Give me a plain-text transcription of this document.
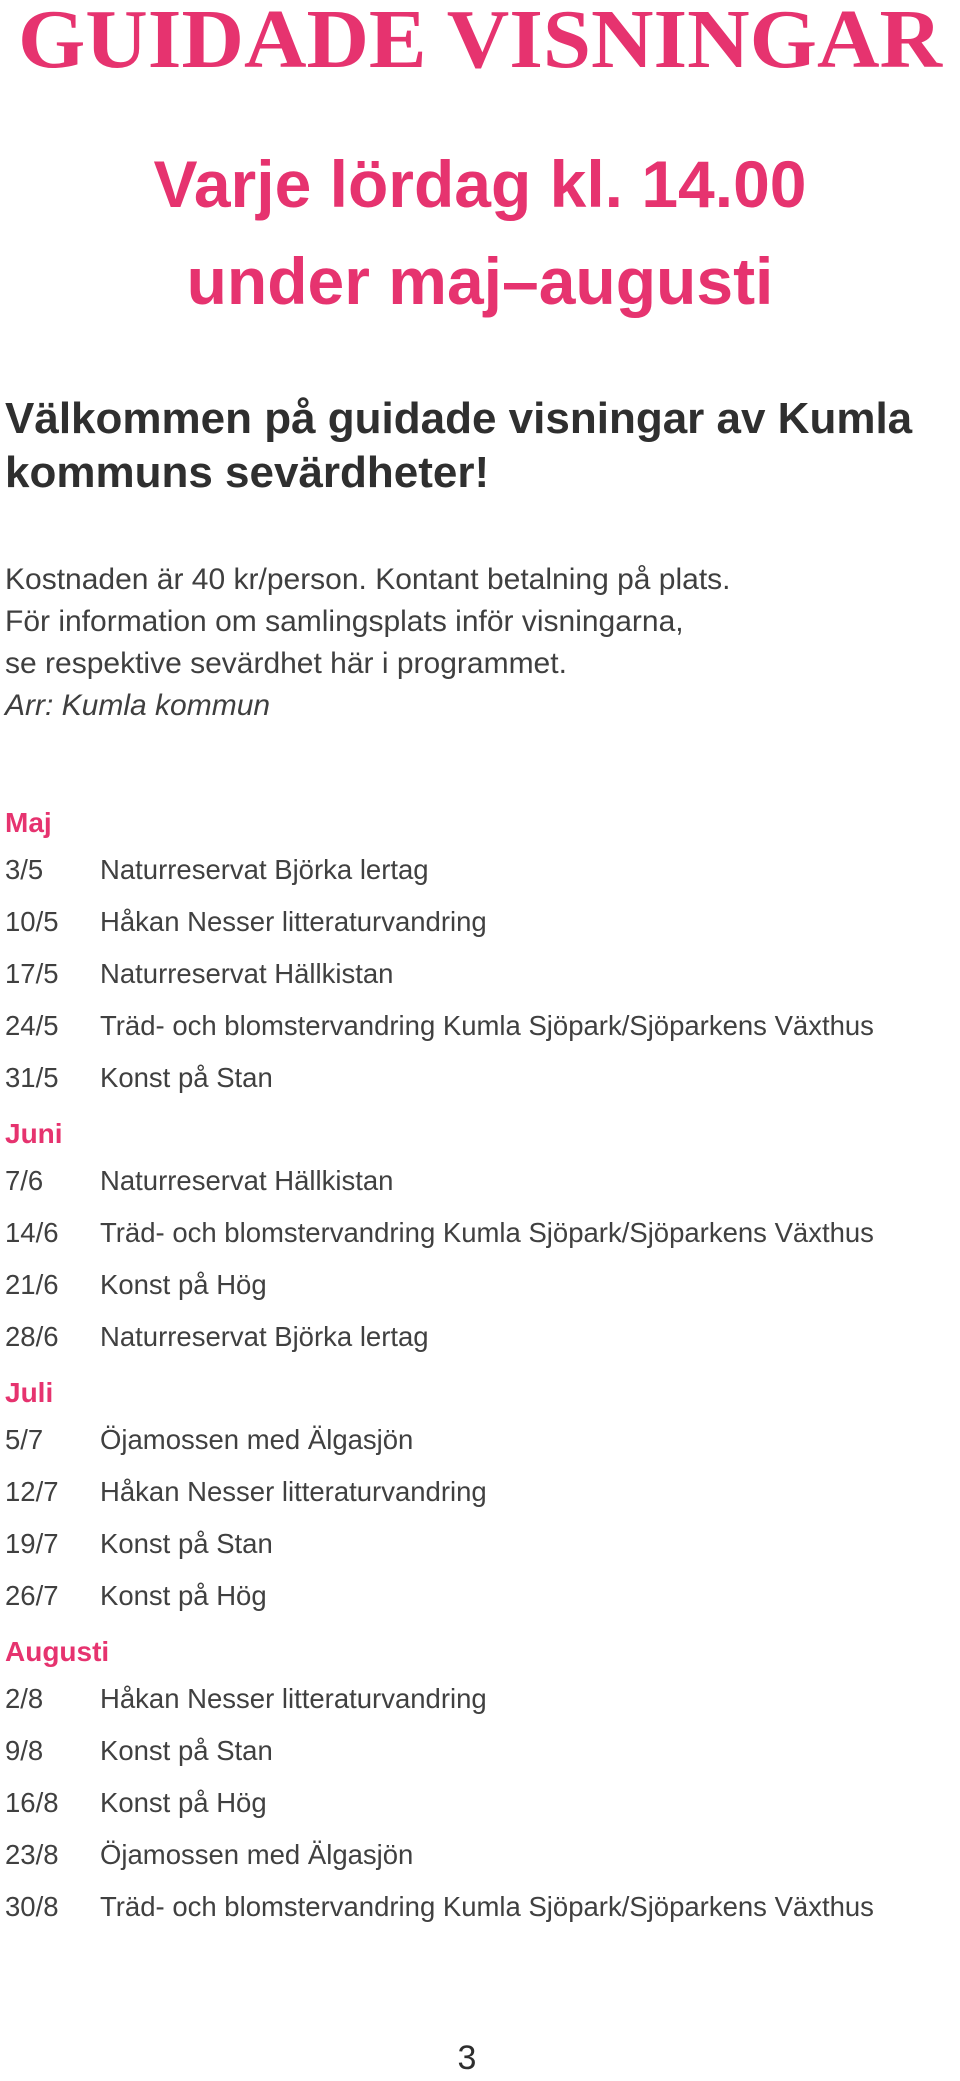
GUIDADE VISNINGAR
Varje lördag kl. 14.00
under maj–augusti

Välkommen på guidade visningar av Kumla kommuns sevärdheter!

Kostnaden är 40 kr/person. Kontant betalning på plats.
För information om samlingsplats inför visningarna,
se respektive sevärdhet här i programmet.
Arr: Kumla kommun
Maj
3/5	Naturreservat Björka lertag
10/5	Håkan Nesser litteraturvandring
17/5	Naturreservat Hällkistan
24/5	Träd- och blomstervandring Kumla Sjöpark/Sjöparkens Växthus
31/5	Konst på Stan
Juni
7/6	Naturreservat Hällkistan
14/6	Träd- och blomstervandring Kumla Sjöpark/Sjöparkens Växthus
21/6	Konst på Hög
28/6	Naturreservat Björka lertag
Juli
5/7	Öjamossen med Älgasjön
12/7	Håkan Nesser litteraturvandring
19/7	Konst på Stan
26/7	Konst på Hög
Augusti
2/8	Håkan Nesser litteraturvandring
9/8	Konst på Stan
16/8	Konst på Hög
23/8	Öjamossen med Älgasjön
30/8	Träd- och blomstervandring Kumla Sjöpark/Sjöparkens Växthus
3
